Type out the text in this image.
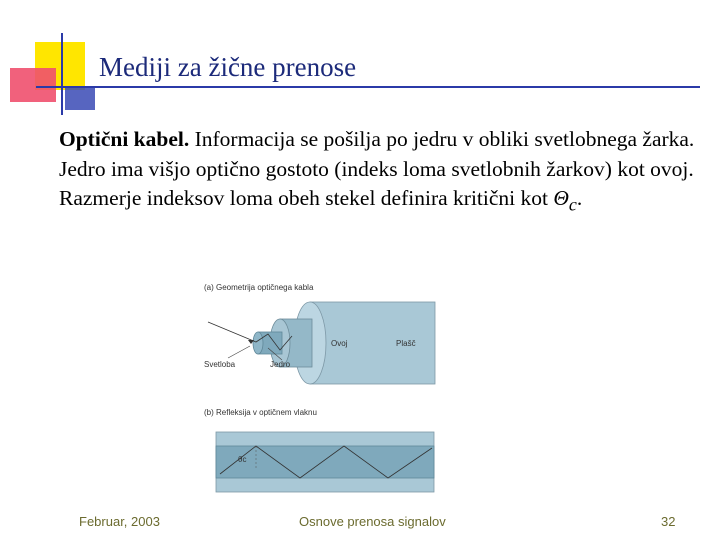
Mediji za žične prenose
Optični kabel. Informacija se pošilja po jedru v obliki svetlobnega žarka. Jedro ima višjo optično gostoto (indeks loma svetlobnih žarkov) kot ovoj. Razmerje indeksov loma obeh stekel definira kritični kot $\Theta_c$.
(a) Geometrija optičnega kabla
Ovoj	Plašč
Svetloba	Jedro
(b) Refleksija v optičnem vlaknu
θc
Februar, 2003	Osnove prenosa signalov	32
